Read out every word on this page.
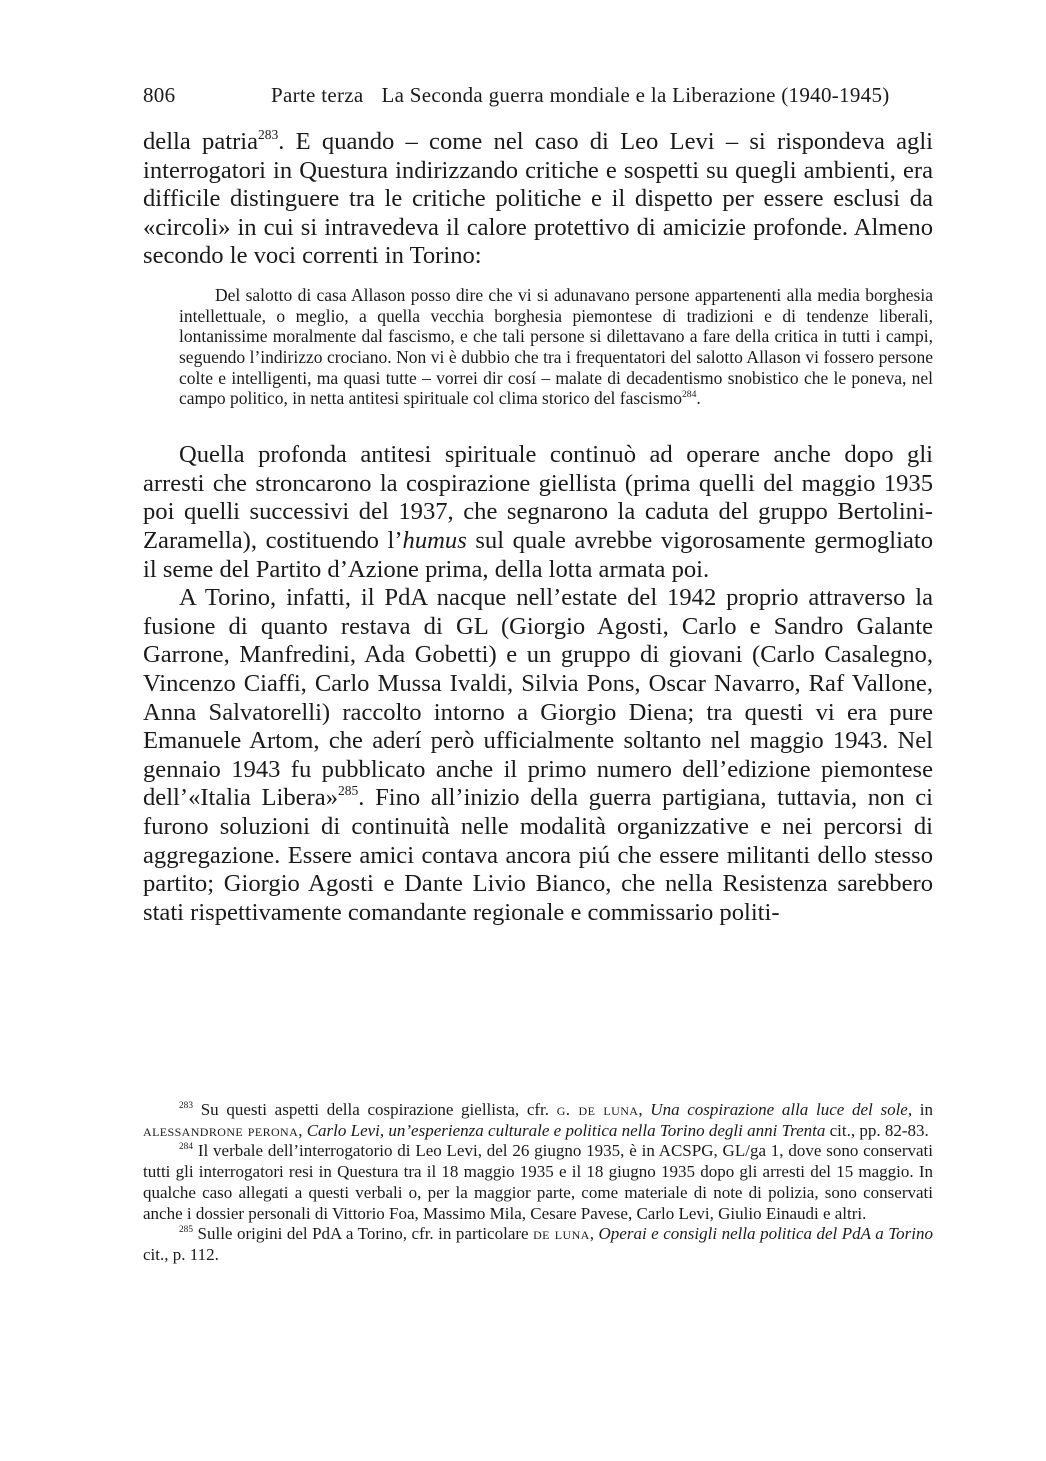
806	Parte terza La Seconda guerra mondiale e la Liberazione (1940-1945)

della patria$^{283}$. E quando – come nel caso di Leo Levi – si rispondeva agli interrogatori in Questura indirizzando critiche e sospetti su quegli ambienti, era difficile distinguere tra le critiche politiche e il dispetto per essere esclusi da «circoli» in cui si intravedeva il calore protettivo di amicizie profonde. Almeno secondo le voci correnti in Torino:

Del salotto di casa Allason posso dire che vi si adunavano persone appartenenti alla media borghesia intellettuale, o meglio, a quella vecchia borghesia piemontese di tradizioni e di tendenze liberali, lontanissime moralmente dal fascismo, e che tali persone si dilettavano a fare della critica in tutti i campi, seguendo l’indirizzo crociano. Non vi è dubbio che tra i frequentatori del salotto Allason vi fossero persone colte e intelligenti, ma quasi tutte – vorrei dir cosí – malate di decadentismo snobistico che le poneva, nel campo politico, in netta antitesi spirituale col clima storico del fascismo$^{284}$.

Quella profonda antitesi spirituale continuò ad operare anche dopo gli arresti che stroncarono la cospirazione giellista (prima quelli del maggio 1935 poi quelli successivi del 1937, che segnarono la caduta del gruppo Bertolini-Zaramella), costituendo l’humus sul quale avrebbe vigorosamente germogliato il seme del Partito d’Azione prima, della lotta armata poi.

A Torino, infatti, il PdA nacque nell’estate del 1942 proprio attraverso la fusione di quanto restava di GL (Giorgio Agosti, Carlo e Sandro Galante Garrone, Manfredini, Ada Gobetti) e un gruppo di giovani (Carlo Casalegno, Vincenzo Ciaffi, Carlo Mussa Ivaldi, Silvia Pons, Oscar Navarro, Raf Vallone, Anna Salvatorelli) raccolto intorno a Giorgio Diena; tra questi vi era pure Emanuele Artom, che aderí però ufficialmente soltanto nel maggio 1943. Nel gennaio 1943 fu pubblicato anche il primo numero dell’edizione piemontese dell’«Italia Libera»$^{285}$. Fino all’inizio della guerra partigiana, tuttavia, non ci furono soluzioni di continuità nelle modalità organizzative e nei percorsi di aggregazione. Essere amici contava ancora piú che essere militanti dello stesso partito; Giorgio Agosti e Dante Livio Bianco, che nella Resistenza sarebbero stati rispettivamente comandante regionale e commissario politi-

$^{283}$ Su questi aspetti della cospirazione giellista, cfr. g. de luna, Una cospirazione alla luce del sole, in alessandrone perona, Carlo Levi, un’esperienza culturale e politica nella Torino degli anni Trenta cit., pp. 82-83.

$^{284}$ Il verbale dell’interrogatorio di Leo Levi, del 26 giugno 1935, è in ACSPG, GL/ga 1, dove sono conservati tutti gli interrogatori resi in Questura tra il 18 maggio 1935 e il 18 giugno 1935 dopo gli arresti del 15 maggio. In qualche caso allegati a questi verbali o, per la maggior parte, come materiale di note di polizia, sono conservati anche i dossier personali di Vittorio Foa, Massimo Mila, Cesare Pavese, Carlo Levi, Giulio Einaudi e altri.

$^{285}$ Sulle origini del PdA a Torino, cfr. in particolare de luna, Operai e consigli nella politica del PdA a Torino cit., p. 112.
